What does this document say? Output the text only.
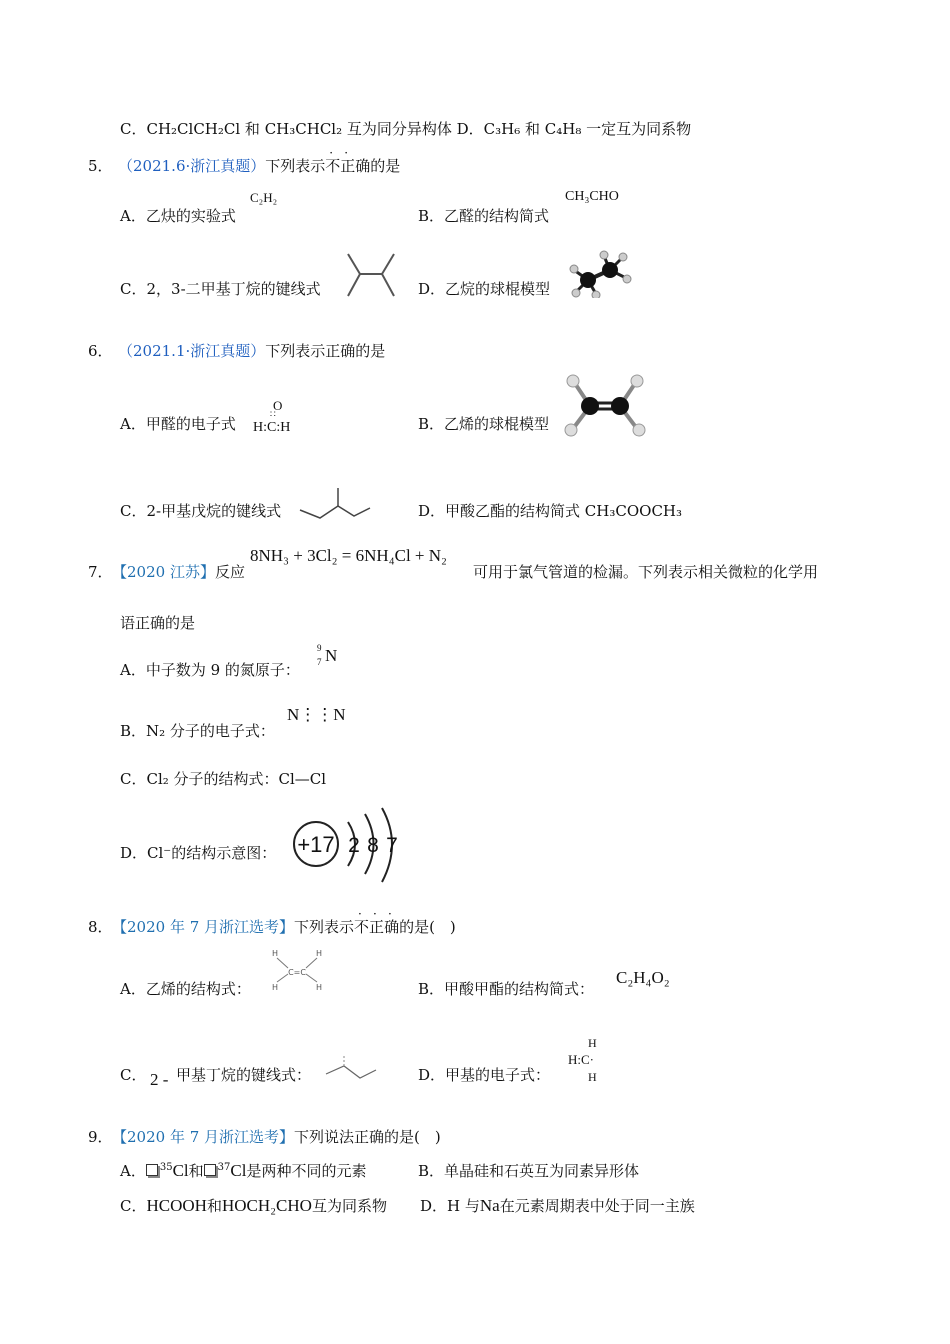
C．CH₂ClCH₂Cl 和 CH₃CHCl₂ 互为同分异构体 D．C₃H₆ 和 C₄H₈ 一定互为同系物
5． （2021.6·浙江真题）下列表示
· ·
不正确的是
A．乙炔的实验式
C₂H₂
B．乙醛的结构简式
CH₃CHO
C．2，3-二甲基丁烷的键线式	D．乙烷的球棍模型
6． （2021.1·浙江真题）下列表示正确的是
A．甲醛的电子式
O
∷
H:C:H	B．乙烯的球棍模型
C．2-甲基戊烷的键线式	D．甲酸乙酯的结构简式 CH₃COOCH₃
7． 【2020 江苏】反应
8NH₃ + 3Cl₂ = 6NH₄Cl + N₂
可用于氯气管道的检漏。下列表示相关微粒的化学用
语正确的是
A．中子数为 9 的氮原子：
9
7 N
B．N₂ 分子的电子式：
N⋮⋮N
C．Cl₂ 分子的结构式：Cl—Cl
D．Cl⁻的结构示意图： +17 2 8 7
8． 【2020 年 7 月浙江选考】下列表示
· · ·
不正确的是(　)
A．乙烯的结构式：
H	H
H	H
C=C
B．甲酸甲酯的结构简式：
C₂H₄O₂
C． 2 - 甲基丁烷的键线式：	D．甲基的电子式：
H
H:C·
H
9． 【2020 年 7 月浙江选考】下列说法正确的是(　)
A． $^{35}$Cl和 $^{37}$Cl是两种不同的元素	B．单晶硅和石英互为同素异形体
C．HCOOH和HOCH₂CHO互为同系物 D．H 与Na在元素周期表中处于同一主族
